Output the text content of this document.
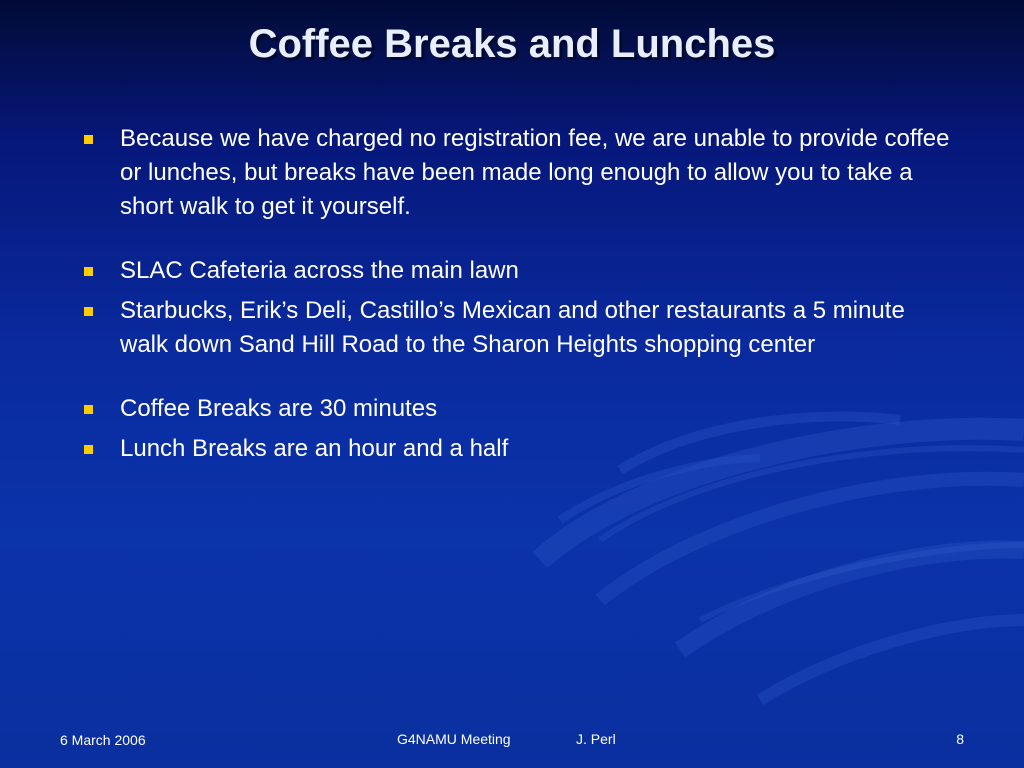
Coffee Breaks and Lunches
Because we have charged no registration fee, we are unable to provide coffee or lunches, but breaks have been made long enough to allow you to take a short walk to get it yourself.
SLAC Cafeteria across the main lawn
Starbucks, Erik’s Deli, Castillo’s Mexican and other restaurants a 5 minute walk down Sand Hill Road to the Sharon Heights shopping center
Coffee Breaks are 30 minutes
Lunch Breaks are an hour and a half
6 March 2006	G4NAMU Meeting	J. Perl	8
